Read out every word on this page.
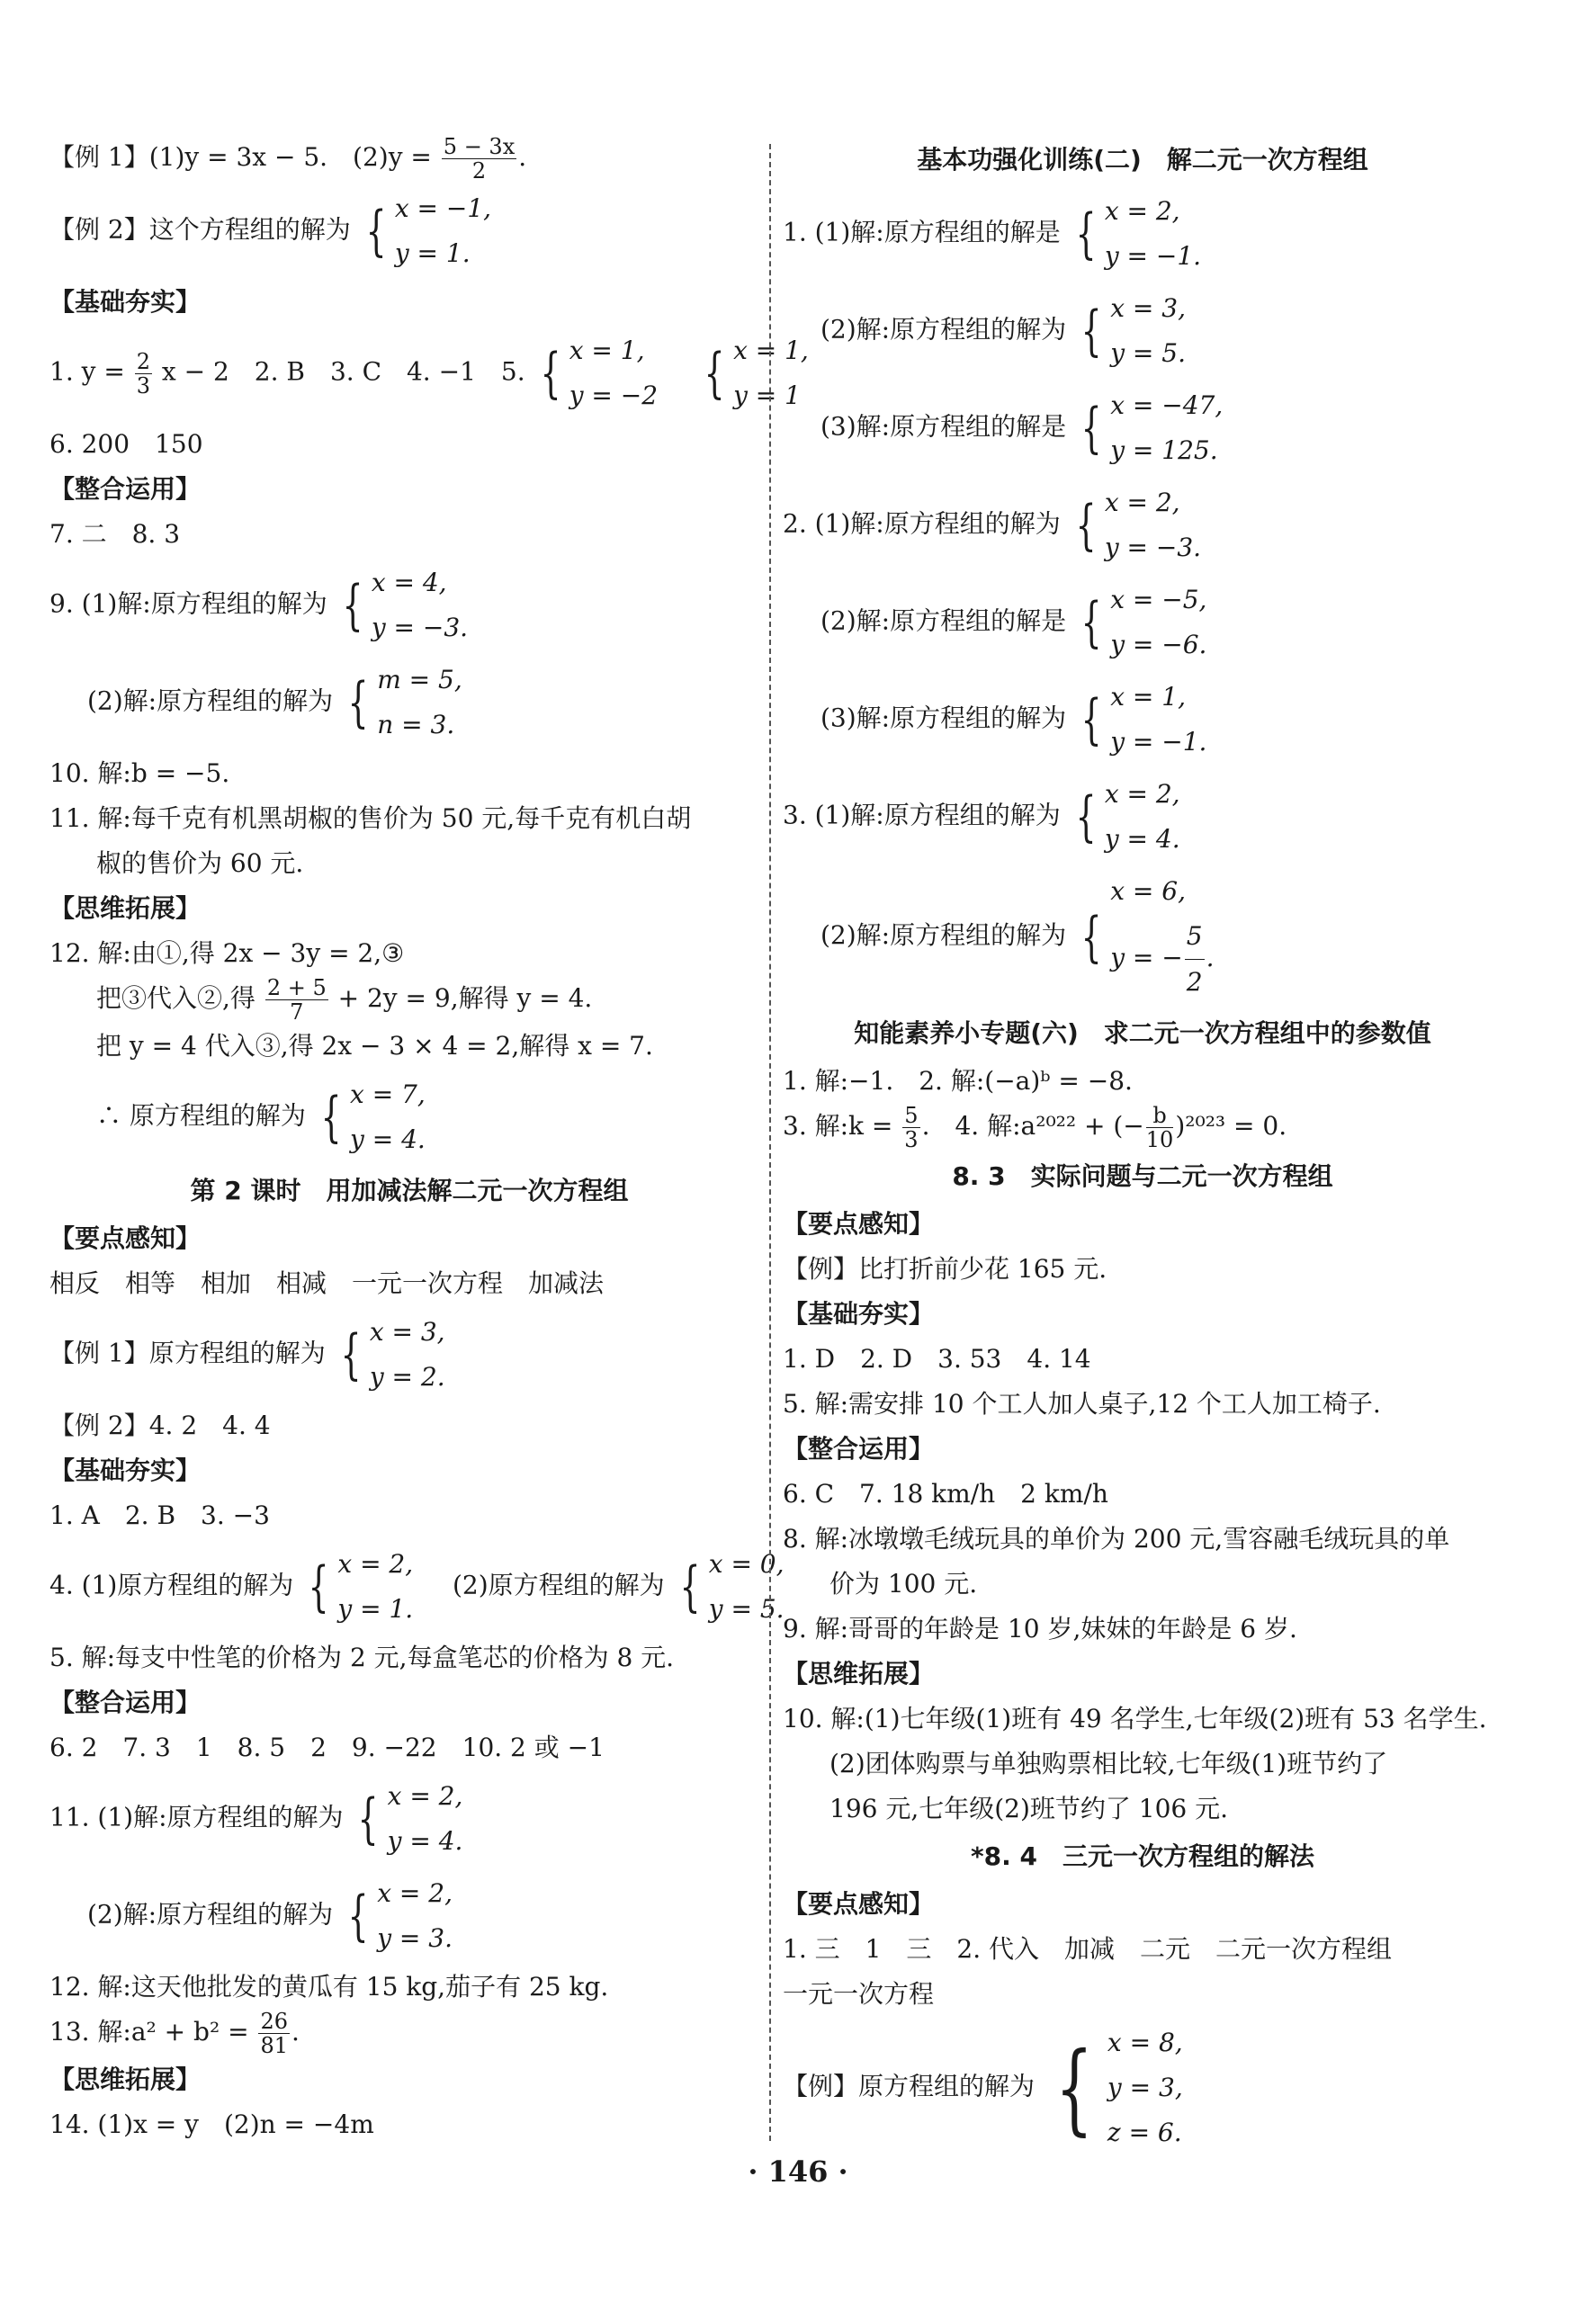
【例 1】(1)y = 3x − 5.　$(2)y = \frac{5 - 3x}{2}$ .
【例 2】这个方程组的解为 { x = −1,
y = 1.
【基础夯实】
1. $y = \frac{2}{3}$ x − 2　2. B　3. C　4. −1　5. { x = 1,
y = −2
{ x = 1,
y = 1
6. 200　150
【整合运用】
7. 二　8. 3
9. (1)解:原方程组的解为 { x = 4,
y = −3.
(2)解:原方程组的解为 { m = 5,
n = 3.
10. 解:b = −5.
11. 解:每千克有机黑胡椒的售价为 50 元,每千克有机白胡
椒的售价为 60 元.
【思维拓展】
12. 解:由①,得 2x − 3y = 2,③
把③代入②,得 $\frac{2 + 5}{7} + 2y = 9$,解得 y = 4.
把 y = 4 代入③,得 2x − 3 × 4 = 2,解得 x = 7.
∴ 原方程组的解为 { x = 7,
y = 4.
第 2 课时　用加减法解二元一次方程组
【要点感知】
相反　相等　相加　相减　一元一次方程　加减法
【例 1】原方程组的解为 { x = 3,
y = 2.
【例 2】4. 2　4. 4
【基础夯实】
1. A　2. B　3. −3
4. (1)原方程组的解为 { x = 2,
y = 1.
(2)原方程组的解为 { x = 0,
y = 5.
5. 解:每支中性笔的价格为 2 元,每盒笔芯的价格为 8 元.
【整合运用】
6. 2　7. 3　1　8. 5　2　9. −22　10. 2 或 −1
11. (1)解:原方程组的解为 { x = 2,
y = 4.
(2)解:原方程组的解为 { x = 2,
y = 3.
12. 解:这天他批发的黄瓜有 15 kg,茄子有 25 kg.
13. 解:a² + $b^2 = \frac{26}{81}$ .
【思维拓展】
14. (1)x = y　(2)n = −4m
基本功强化训练(二)　解二元一次方程组
1. (1)解:原方程组的解是 { x = 2,
y = −1.
(2)解:原方程组的解为 { x = 3,
y = 5.
(3)解:原方程组的解是 { x = −47,
y = 125.
2. (1)解:原方程组的解为 { x = 2,
y = −3.
(2)解:原方程组的解是 { x = −5,
y = −6.
(3)解:原方程组的解为 { x = 1,
y = −1.
3. (1)解:原方程组的解为 { x = 2,
y = 4.
(2)解:原方程组的解为 {
x = 6,
y = − $\frac{5}{2}$ .
知能素养小专题(六)　求二元一次方程组中的参数值
1. 解:−1.　2. 解:(−a)ᵇ = −8.
3. 解:k = $\frac{5}{3}$ .　4. 解:a²⁰²² + (− $\frac{b}{10} )^{2023} = 0$.
8. 3　实际问题与二元一次方程组
【要点感知】
【例】比打折前少花 165 元.
【基础夯实】
1. D　2. D　3. 53　4. 14
5. 解:需安排 10 个工人加人桌子,12 个工人加工椅子.
【整合运用】
6. C　7. 18 km/h　2 km/h
8. 解:冰墩墩毛绒玩具的单价为 200 元,雪容融毛绒玩具的单
价为 100 元.
9. 解:哥哥的年龄是 10 岁,妹妹的年龄是 6 岁.
【思维拓展】
10. 解:(1)七年级(1)班有 49 名学生,七年级(2)班有 53 名学生.
(2)团体购票与单独购票相比较,七年级(1)班节约了
196 元,七年级(2)班节约了 106 元.
*8. 4　三元一次方程组的解法
【要点感知】
1. 三　1　三　2. 代入　加减　二元　二元一次方程组
一元一次方程
【例】原方程组的解为 { x = 8,
y = 3,
z = 6.
· 146 ·
